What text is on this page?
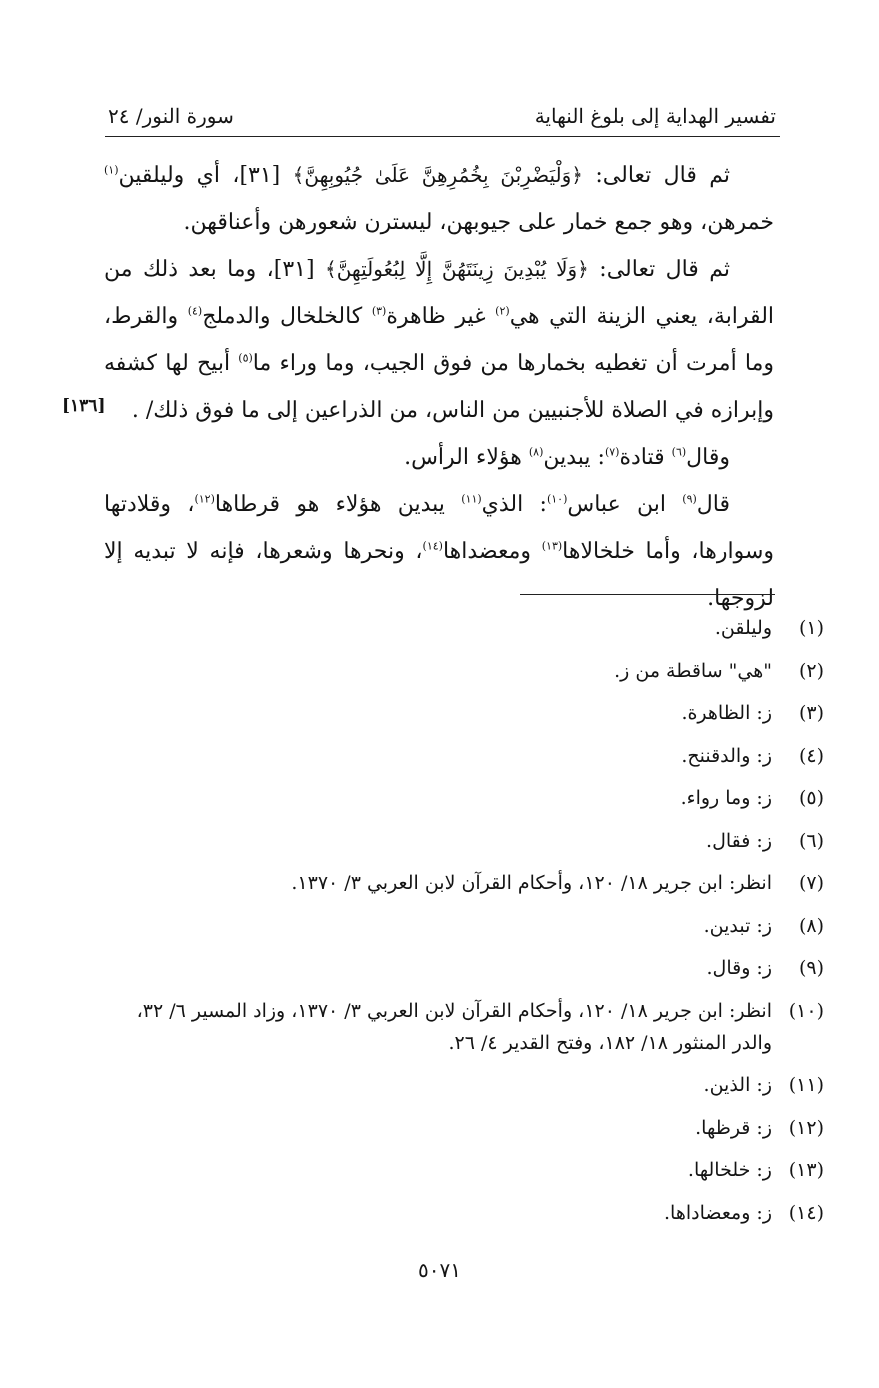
تفسير الهداية إلى بلوغ النهاية
سورة النور/ ٢٤

ثم قال تعالى: ﴿وَلْيَضْرِبْنَ بِخُمُرِهِنَّ عَلَىٰ جُيُوبِهِنَّ﴾ [٣١]، أي وليلقين$^{(١)}$ خمرهن، وهو جمع خمار على جيوبهن، ليسترن شعورهن وأعناقهن.

ثم قال تعالى: ﴿وَلَا يُبْدِينَ زِينَتَهُنَّ إِلَّا لِبُعُولَتِهِنَّ﴾ [٣١]، وما بعد ذلك من القرابة، يعني الزينة التي هي$^{(٢)}$ غير ظاهرة$^{(٣)}$ كالخلخال والدملج$^{(٤)}$ والقرط، وما أمرت أن تغطيه بخمارها من فوق الجيب، وما وراء ما$^{(٥)}$ أبيح لها كشفه وإبرازه في الصلاة للأجنبيين من الناس، من الذراعين إلى ما فوق ذلك/ .

وقال$^{(٦)}$ قتادة$^{(٧)}$: يبدين$^{(٨)}$ هؤلاء الرأس.

قال$^{(٩)}$ ابن عباس$^{(١٠)}$: الذي$^{(١١)}$ يبدين هؤلاء هو قرطاها$^{(١٢)}$، وقلادتها وسوارها، وأما خلخالاها$^{(١٣)}$ ومعضداها$^{(١٤)}$، ونحرها وشعرها، فإنه لا تبديه إلا لزوجها.

[١٣٦]
(١)
وليلقن.
(٢)
"هي" ساقطة من ز.
(٣)
ز: الظاهرة.
(٤)
ز: والدقننح.
(٥)
ز: وما رواء.
(٦)
ز: فقال.
(٧)
انظر: ابن جرير ١٨/ ١٢٠، وأحكام القرآن لابن العربي ٣/ ١٣٧٠.
(٨)
ز: تبدين.
(٩)
ز: وقال.
(١٠)
انظر: ابن جرير ١٨/ ١٢٠، وأحكام القرآن لابن العربي ٣/ ١٣٧٠، وزاد المسير ٦/ ٣٢، والدر المنثور ١٨/ ١٨٢، وفتح القدير ٤/ ٢٦.
(١١)
ز: الذين.
(١٢)
ز: قرظها.
(١٣)
ز: خلخالها.
(١٤)
ز: ومعضاداها.
٥٠٧١
